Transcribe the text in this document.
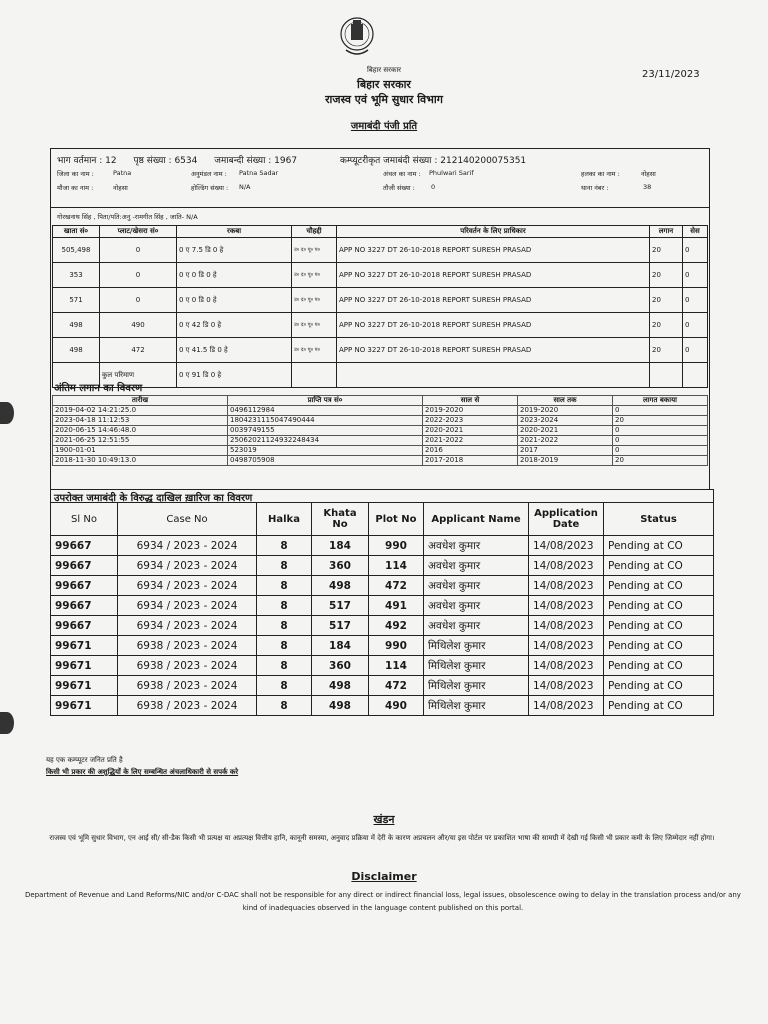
बिहार सरकार
बिहार सरकार
राजस्व एवं भूमि सुधार विभाग
जमाबंदी पंजी प्रति
23/11/2023
भाग वर्तमान : 12 पृष्ठ संख्या : 6534 जमाबन्दी संख्या : 1967	कम्प्यूटरीकृत जमाबंदी संख्या : 212140200075351
जिला का नाम :	Patna	अनुमंडल नाम : Patna Sadar	अंचल का नाम : Phulwari Sarif	हलका का नाम :	नोहसा
मौजा का नाम :	नोहसा	होल्डिंग संख्या : N/A	तौजी संख्या : 0	थाना नंबर :	38
गोरखनाथ सिंह , पिता/पति:अनु -रामगीत सिंह , जाति- N/A
खाता सं०	प्लाट/खेसरा सं०	रकबा	चौहद्दी	परिवर्तन के लिए प्राधिकार	लगान	सेस
505,498	0	0 ए 7.5 डि 0 हे	उ० द० पू० प०	APP NO 3227 DT 26-10-2018 REPORT SURESH PRASAD	20	0
353	0	0 ए 0 डि 0 हे	उ० द० पू० प०	APP NO 3227 DT 26-10-2018 REPORT SURESH PRASAD	20	0
571	0	0 ए 0 डि 0 हे	उ० द० पू० प०	APP NO 3227 DT 26-10-2018 REPORT SURESH PRASAD	20	0
498	490	0 ए 42 डि 0 हे	उ० द० पू० प०	APP NO 3227 DT 26-10-2018 REPORT SURESH PRASAD	20	0
498	472	0 ए 41.5 डि 0 हे	उ० द० पू० प०	APP NO 3227 DT 26-10-2018 REPORT SURESH PRASAD	20	0
	कुल परिमाण	0 ए 91 डि 0 हे				
अंतिम लगान का विवरण
तारीख	प्राप्ति पत्र सं०	साल से	साल तक	लागत बकाया
2019-04-02 14:21:25.0	0496112984	2019-2020	2019-2020	0
2023-04-18 11:12:53	1804231115047490444	2022-2023	2023-2024	20
2020-06-15 14:46:48.0	0039749155	2020-2021	2020-2021	0
2021-06-25 12:51:55	2506202112493224843​4	2021-2022	2021-2022	0
1900-01-01	523019	2016	2017	0
2018-11-30 10:49:13.0	0498705908	2017-2018	2018-2019	20
उपरोक्त जमाबंदी के विरुद्ध दाखिल ख़ारिज का विवरण
Sl No	Case No	Halka	Khata No	Plot No	Applicant Name	Application Date	Status
99667	6934 / 2023 - 2024	8	184	990	अवधेश कुमार	14/08/2023	Pending at CO
99667	6934 / 2023 - 2024	8	360	114	अवधेश कुमार	14/08/2023	Pending at CO
99667	6934 / 2023 - 2024	8	498	472	अवधेश कुमार	14/08/2023	Pending at CO
99667	6934 / 2023 - 2024	8	517	491	अवधेश कुमार	14/08/2023	Pending at CO
99667	6934 / 2023 - 2024	8	517	492	अवधेश कुमार	14/08/2023	Pending at CO
99671	6938 / 2023 - 2024	8	184	990	मिथिलेश कुमार	14/08/2023	Pending at CO
99671	6938 / 2023 - 2024	8	360	114	मिथिलेश कुमार	14/08/2023	Pending at CO
99671	6938 / 2023 - 2024	8	498	472	मिथिलेश कुमार	14/08/2023	Pending at CO
99671	6938 / 2023 - 2024	8	498	490	मिथिलेश कुमार	14/08/2023	Pending at CO
यह एक कम्प्यूटर जनित प्रति है
किसी भी प्रकार की अशुद्धियों के लिए सम्बन्धित अंचलाधिकारी से सपर्क करे
खंडन
राजस्व एवं भूमि सुधार विभाग, एन आई सी/ सी-डैक किसी भी प्रत्यक्ष या अप्रत्यक्ष वित्तीय हानि, कानूनी समस्या, अनुवाद प्रक्रिया में देरी के कारण अप्रचलन और/या इस पोर्टल पर प्रकाशित भाषा की सामग्री में देखी गई किसी भी प्रकार कमी के लिए जिम्मेदार नहीं होगा।
Disclaimer
Department of Revenue and Land Reforms/NIC and/or C-DAC shall not be responsible for any direct or indirect financial loss, legal issues, obsolescence owing to delay in the translation process and/or any kind of inadequacies observed in the language content published on this portal.
